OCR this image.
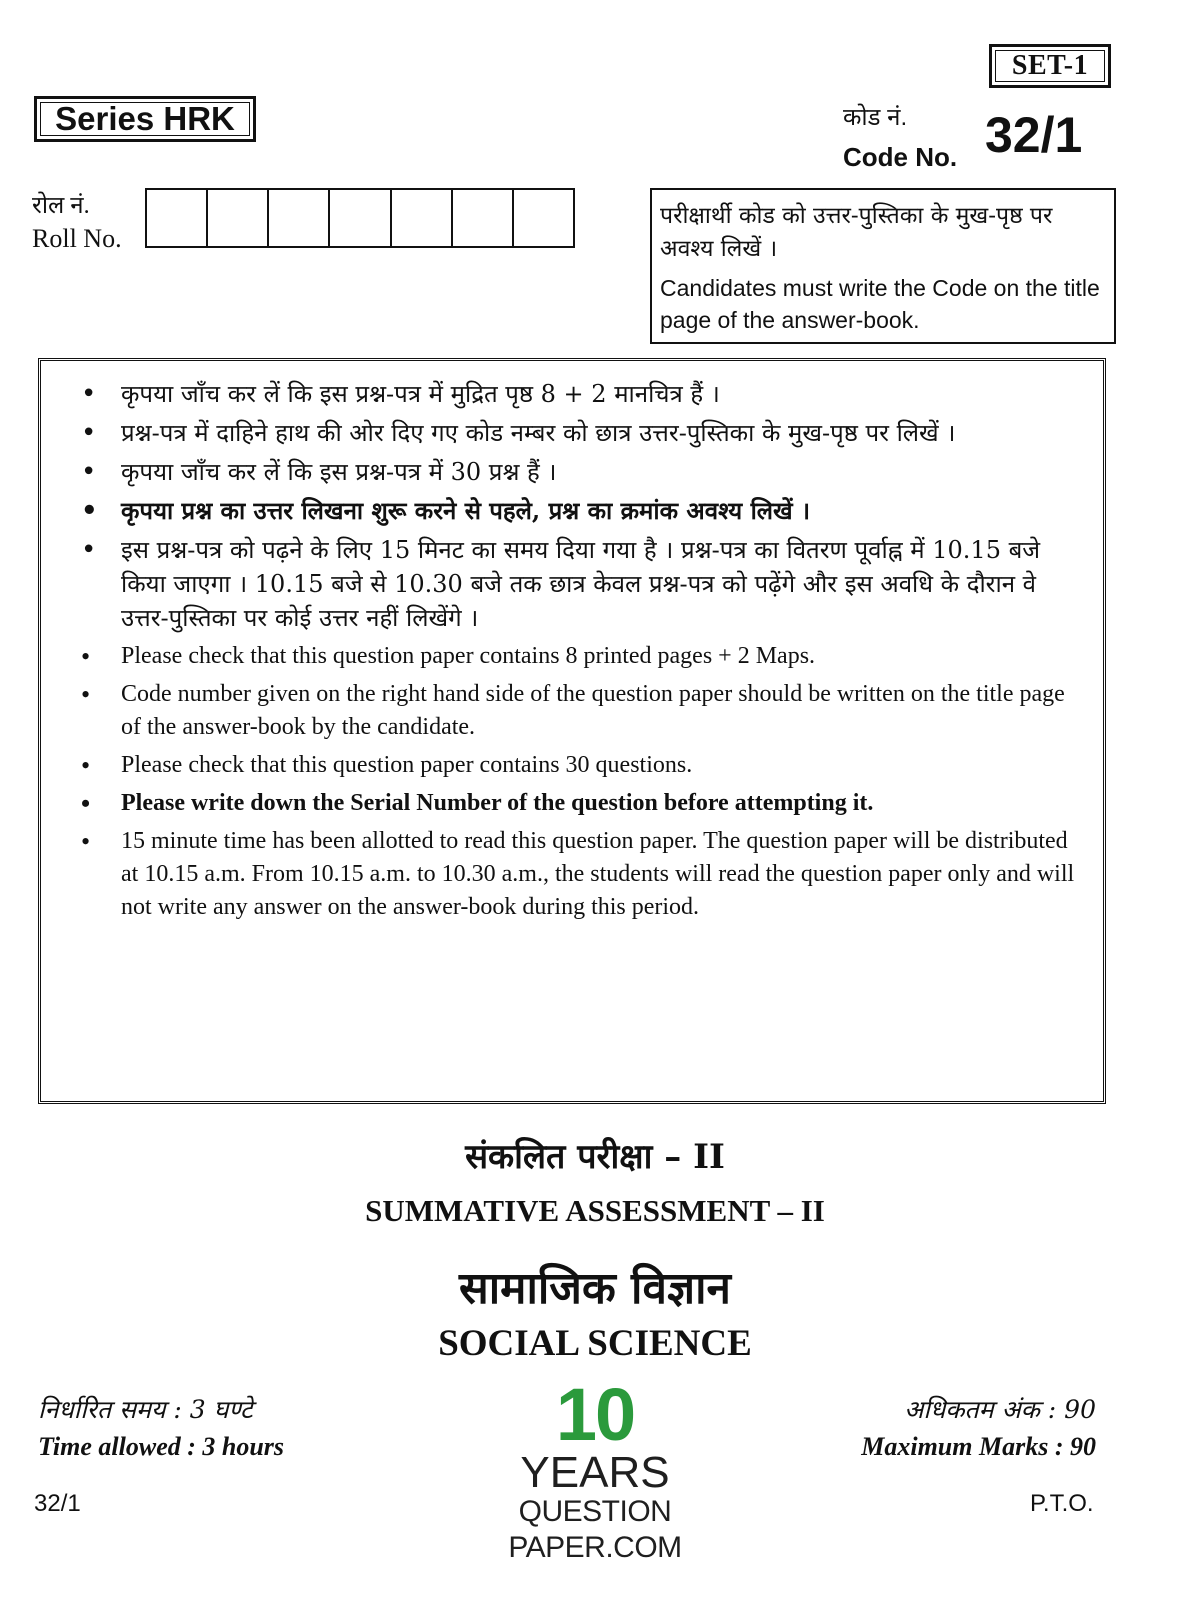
SET-1
Series HRK	कोड नं.
Code No. 32/1
रोल नं.
Roll No.
परीक्षार्थी कोड को उत्तर-पुस्तिका के मुख-पृष्ठ पर अवश्य लिखें ।
Candidates must write the Code on the title page of the answer-book.
• कृपया जाँच कर लें कि इस प्रश्न-पत्र में मुद्रित पृष्ठ 8 + 2 मानचित्र हैं ।
• प्रश्न-पत्र में दाहिने हाथ की ओर दिए गए कोड नम्बर को छात्र उत्तर-पुस्तिका के मुख-पृष्ठ पर लिखें ।
• कृपया जाँच कर लें कि इस प्रश्न-पत्र में 30 प्रश्न हैं ।
• कृपया प्रश्न का उत्तर लिखना शुरू करने से पहले, प्रश्न का क्रमांक अवश्य लिखें ।
• इस प्रश्न-पत्र को पढ़ने के लिए 15 मिनट का समय दिया गया है । प्रश्न-पत्र का वितरण पूर्वाह्न में 10.15 बजे किया जाएगा । 10.15 बजे से 10.30 बजे तक छात्र केवल प्रश्न-पत्र को पढ़ेंगे और इस अवधि के दौरान वे उत्तर-पुस्तिका पर कोई उत्तर नहीं लिखेंगे ।
• Please check that this question paper contains 8 printed pages + 2 Maps.
• Code number given on the right hand side of the question paper should be written on the title page of the answer-book by the candidate.
• Please check that this question paper contains 30 questions.
• Please write down the Serial Number of the question before attempting it.
• 15 minute time has been allotted to read this question paper. The question paper will be distributed at 10.15 a.m. From 10.15 a.m. to 10.30 a.m., the students will read the question paper only and will not write any answer on the answer-book during this period.
संकलित परीक्षा – II
SUMMATIVE ASSESSMENT – II
सामाजिक विज्ञान
SOCIAL SCIENCE
निर्धारित समय : 3 घण्टे
Time allowed : 3 hours
अधिकतम अंक : 90
Maximum Marks : 90
10
YEARS
QUESTION PAPER.COM
32/1	P.T.O.
